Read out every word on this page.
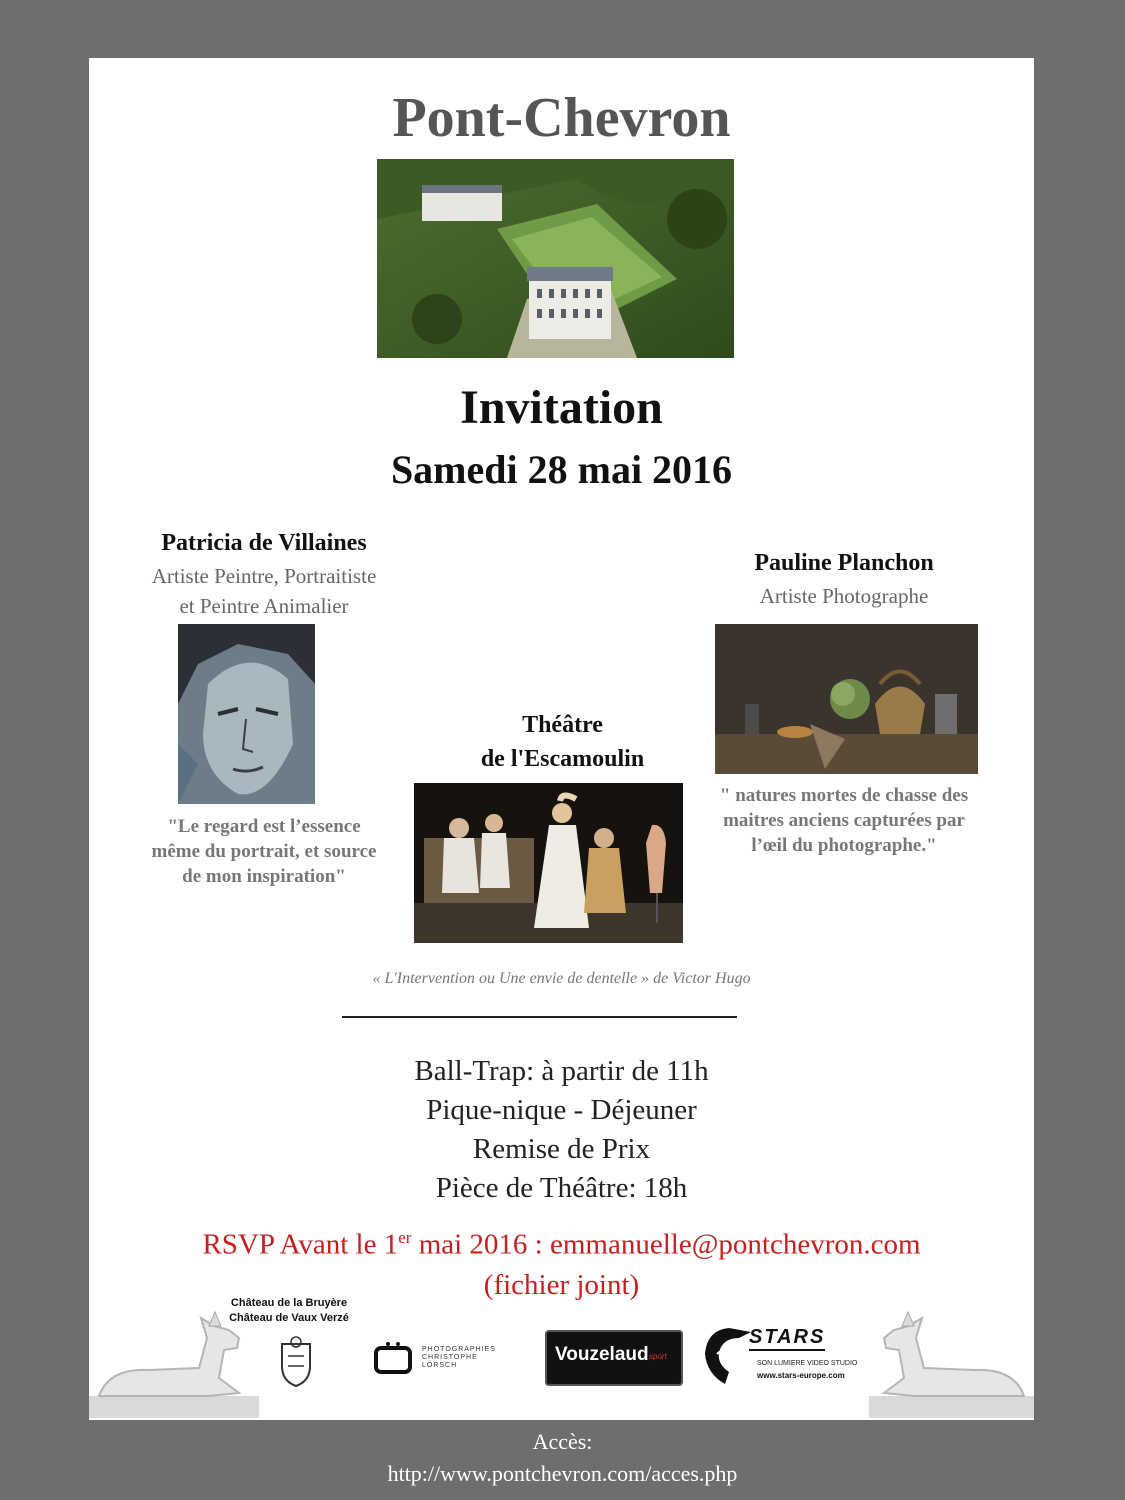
Pont-Chevron
Invitation
Samedi 28 mai 2016
Patricia de Villaines
Artiste Peintre, Portraitiste
et Peintre Animalier
"Le regard est l’essence
même du portrait, et source
de mon inspiration"
Théâtre
de l'Escamoulin
Pauline Planchon
Artiste Photographe
" natures mortes de chasse des
maitres anciens capturées par
l’œil du photographe."
« L'Intervention ou Une envie de dentelle » de Victor Hugo
Ball-Trap: à partir de 11h
Pique-nique - Déjeuner
Remise de Prix
Pièce de Théâtre: 18h
RSVP Avant le 1er mai 2016 : emmanuelle@pontchevron.com
(fichier joint)
Château de la Bruyère
Château de Vaux Verzé
PHOTOGRAPHIES
CHRISTOPHE
LÖRSCH
Vouzelaud sport
STARS
SON LUMIERE VIDEO STUDIO
www.stars-europe.com
Accès:
http://www.pontchevron.com/acces.php
